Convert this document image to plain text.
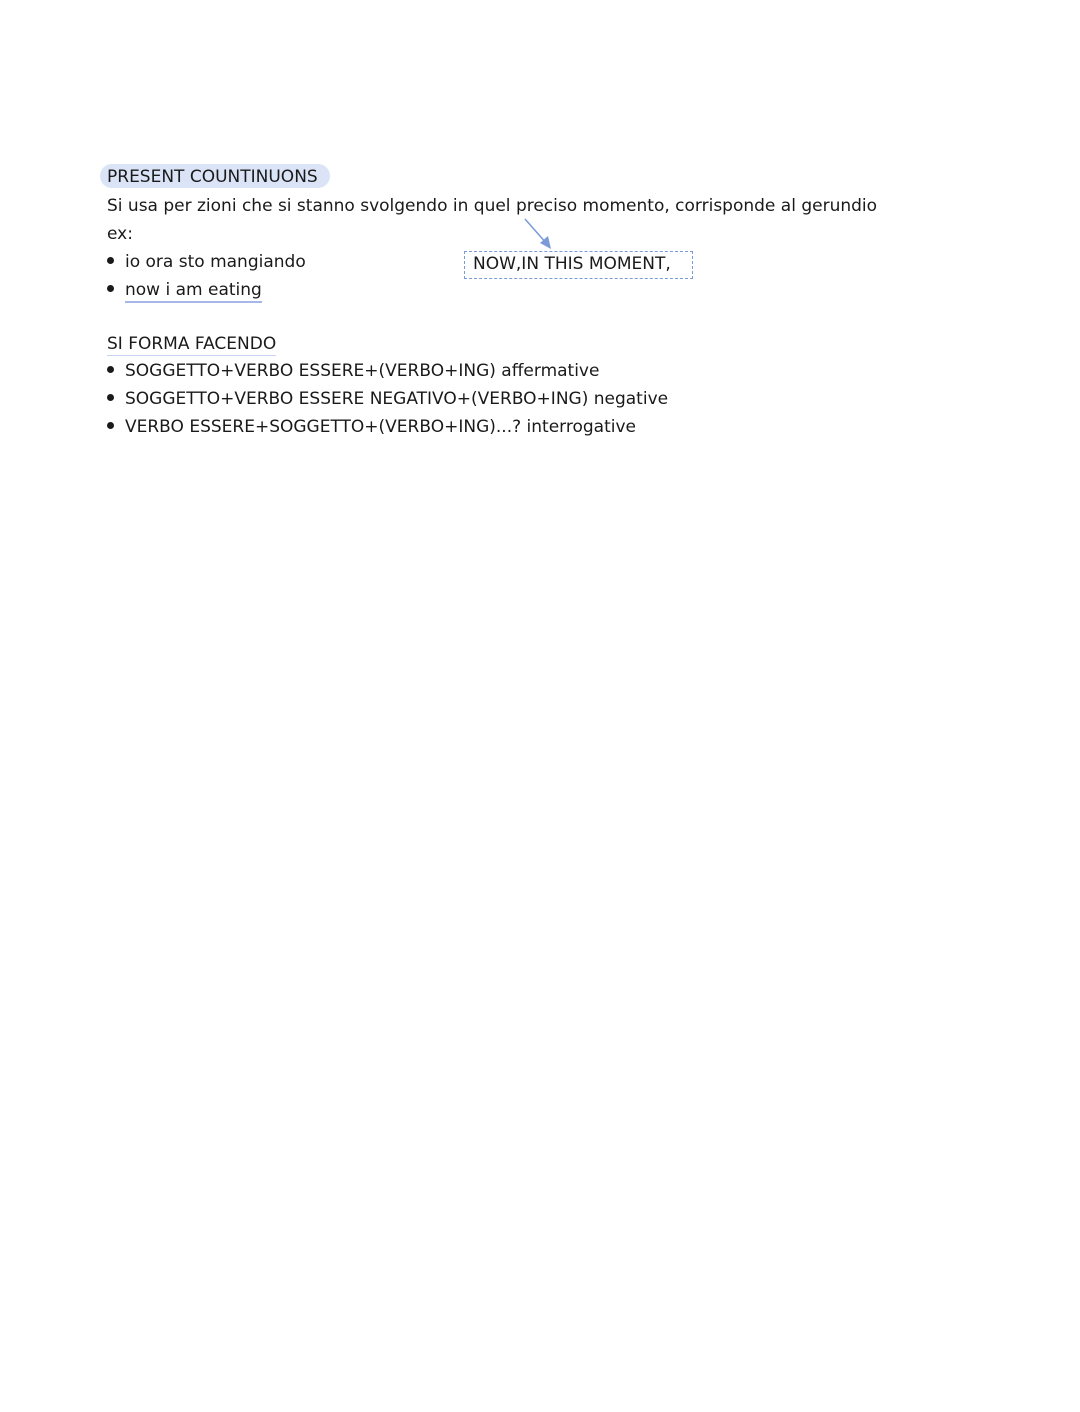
PRESENT COUNTINUONS
Si usa per zioni che si stanno svolgendo in quel preciso momento, corrisponde al gerundio
ex:
io ora sto mangiando
now i am eating
NOW,IN THIS MOMENT,
SI FORMA FACENDO
SOGGETTO+VERBO ESSERE+(VERBO+ING) affermative
SOGGETTO+VERBO ESSERE NEGATIVO+(VERBO+ING) negative
VERBO ESSERE+SOGGETTO+(VERBO+ING)...? interrogative
